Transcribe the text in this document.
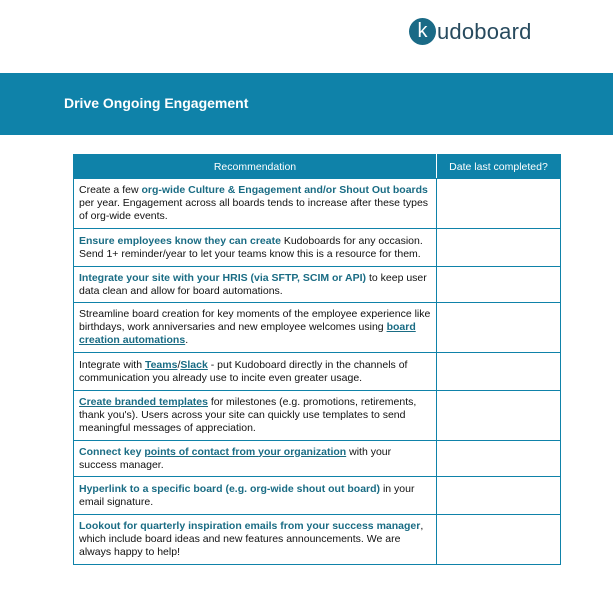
k udoboard
Drive Ongoing Engagement
Recommendation	Date last completed?
Create a few org-wide Culture & Engagement and/or Shout Out boards per year. Engagement across all boards tends to increase after these types of org-wide events.	
Ensure employees know they can create Kudoboards for any occasion. Send 1+ reminder/year to let your teams know this is a resource for them.	
Integrate your site with your HRIS (via SFTP, SCIM or API) to keep user data clean and allow for board automations.	
Streamline board creation for key moments of the employee experience like birthdays, work anniversaries and new employee welcomes using board creation automations.	
Integrate with Teams/Slack - put Kudoboard directly in the channels of communication you already use to incite even greater usage.	
Create branded templates for milestones (e.g. promotions, retirements, thank you's). Users across your site can quickly use templates to send meaningful messages of appreciation.	
Connect key points of contact from your organization with your success manager.	
Hyperlink to a specific board (e.g. org-wide shout out board) in your email signature.	
Lookout for quarterly inspiration emails from your success manager, which include board ideas and new features announcements. We are always happy to help!	
